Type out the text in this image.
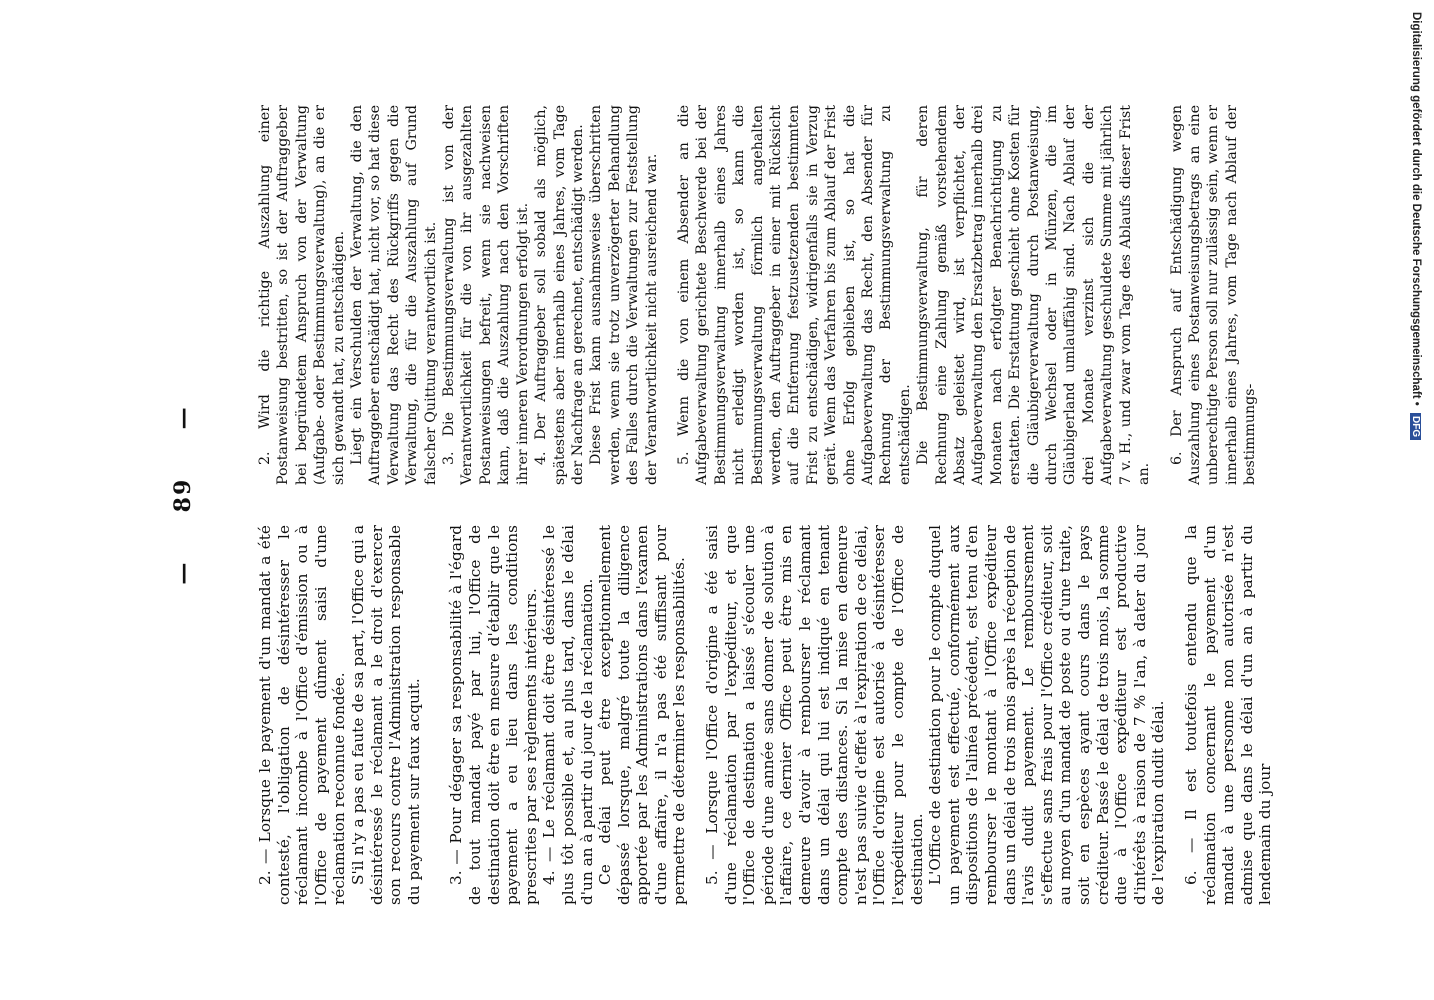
—     89     —

2. — Lorsque le payement d'un mandat a été contesté, l'obligation de désintéresser le réclamant incombe à l'Office d'émission ou à l'Office de payement dûment saisi d'une réclamation reconnue fondée. S'il n'y a pas eu faute de sa part, l'Office qui a désintéressé le réclamant a le droit d'exercer son recours contre l'Administration responsable du payement sur faux acquit. 3. — Pour dégager sa responsabilité à l'égard de tout mandat payé par lui, l'Office de destination doit être en mesure d'établir que le payement a eu lieu dans les conditions prescrites par ses règlements intérieurs. 4. — Le réclamant doit être désintéressé le plus tôt possible et, au plus tard, dans le délai d'un an à partir du jour de la réclamation. Ce délai peut être exceptionnellement dépassé lorsque, malgré toute la diligence apportée par les Administrations dans l'examen d'une affaire, il n'a pas été suffisant pour permettre de déterminer les responsabilités. 5. — Lorsque l'Office d'origine a été saisi d'une réclamation par l'expéditeur, et que l'Office de destination a laissé s'écouler une période d'une année sans donner de solution à l'affaire, ce dernier Office peut être mis en demeure d'avoir à rembourser le réclamant dans un délai qui lui est indiqué en tenant compte des distances. Si la mise en demeure n'est pas suivie d'effet à l'expiration de ce délai, l'Office d'origine est autorisé à désintéresser l'expéditeur pour le compte de l'Office de destination. L'Office de destination pour le compte duquel un payement est effectué, conformément aux dispositions de l'alinéa précédent, est tenu d'en rembourser le montant à l'Office expéditeur dans un délai de trois mois après la réception de l'avis dudit payement. Le remboursement s'effectue sans frais pour l'Office créditeur, soit au moyen d'un mandat de poste ou d'une traite, soit en espèces ayant cours dans le pays créditeur. Passé le délai de trois mois, la somme due à l'Office expéditeur est productive d'intérêts à raison de 7 % l'an, à dater du jour de l'expiration dudit délai. 6. — Il est toutefois entendu que la réclamation concernant le payement d'un mandat à une personne non autorisée n'est admise que dans le délai d'un an à partir du lendemain du jour

2. Wird die richtige Auszahlung einer Postanweisung bestritten, so ist der Auftraggeber bei begründetem Anspruch von der Verwaltung (Aufgabe- oder Bestimmungsverwaltung), an die er sich gewandt hat, zu entschädigen. Liegt ein Verschulden der Verwaltung, die den Auftraggeber entschädigt hat, nicht vor, so hat diese Verwaltung das Recht des Rückgriffs gegen die Verwaltung, die für die Auszahlung auf Grund falscher Quittung verantwortlich ist. 3. Die Bestimmungsverwaltung ist von der Verantwortlichkeit für die von ihr ausgezahlten Postanweisungen befreit, wenn sie nachweisen kann, daß die Auszahlung nach den Vorschriften ihrer inneren Verordnungen erfolgt ist. 4. Der Auftraggeber soll sobald als möglich, spätestens aber innerhalb eines Jahres, vom Tage der Nachfrage an gerechnet, entschädigt werden. Diese Frist kann ausnahmsweise überschritten werden, wenn sie trotz unverzögerter Behandlung des Falles durch die Verwaltungen zur Feststellung der Verantwortlichkeit nicht ausreichend war. 5. Wenn die von einem Absender an die Aufgabeverwaltung gerichtete Beschwerde bei der Bestimmungsverwaltung innerhalb eines Jahres nicht erledigt worden ist, so kann die Bestimmungsverwaltung förmlich angehalten werden, den Auftraggeber in einer mit Rücksicht auf die Entfernung festzusetzenden bestimmten Frist zu entschädigen, widrigenfalls sie in Verzug gerät. Wenn das Verfahren bis zum Ablauf der Frist ohne Erfolg geblieben ist, so hat die Aufgabeverwaltung das Recht, den Absender für Rechnung der Bestimmungsverwaltung zu entschädigen. Die Bestimmungsverwaltung, für deren Rechnung eine Zahlung gemäß vorstehendem Absatz geleistet wird, ist verpflichtet, der Aufgabeverwaltung den Ersatzbetrag innerhalb drei Monaten nach erfolgter Benachrichtigung zu erstatten. Die Erstattung geschieht ohne Kosten für die Gläubigerverwaltung durch Postanweisung, durch Wechsel oder in Münzen, die im Gläubigerland umlauffähig sind. Nach Ablauf der drei Monate verzinst sich die der Aufgabeverwaltung geschuldete Summe mit jährlich 7 v. H., und zwar vom Tage des Ablaufs dieser Frist an.

6. Der Anspruch auf Entschädigung wegen Auszahlung eines Postanweisungsbetrags an eine unberechtigte Person soll nur zulässig sein, wenn er innerhalb eines Jahres, vom Tage nach Ablauf der bestimmungs-

Digitalisierung gefördert durch die Deutsche Forschungsgemeinschaft • DFG
